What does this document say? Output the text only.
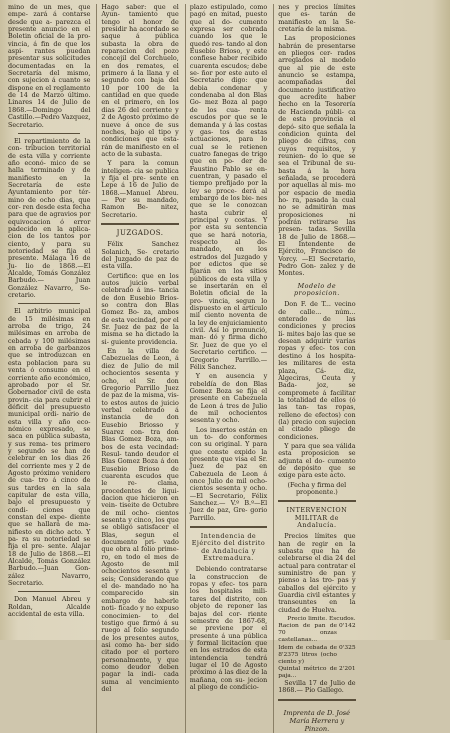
mino de un mes, que empe- zará á contarse desde que a- parezca el presente anuncio en el Boletin oficial de la pro- vincia, á fin de que los aspi- rantes puedan presentar sus solicitudes documentadas en la Secretaría del mismo, con sujecion á cuanto se dispone en el reglamento de 14 de Marzo último. Linares 14 de Julio de 1868.—Domingo del Castillo.—Pedro Vazquez, Secretario.

El repartimiento de la con- tribucion territorial de esta villa y corriente año econó- mico de se halla terminado y de manifiesto en la Secretaría de este Ayuntamiento por tér- mino de ocho dias, que cor- ren desde esta fecha para que de agravios por equivocacion ó error padecido en la aplica- cion de los tantos por ciento, y para su notoriedad se fija el presente. Málaga 16 de Ju- lio de 1868.—El Alcalde, Tomás González Barbudo.— Juan González Navarro, Se- cretario.

El arbitrio municipal de 15 milésimas en arroba de trigo, 24 milésimas en arroba de cebada y 100 milésimas en arroba de garbanzos que se introduzcan en esta poblacion para su venta ó consumo en el corriente año económico, aprobado por el Sr. Gobernador civil de esta provin- cia para cubrir el déficit del presupuesto municipal ordi- nario de esta villa y año eco- nómico expresado, se saca en pública subasta, y sus rema- tes primero y segundo se han de celebrar en los dias 26 del corriente mes y 2 de Agosto próximo venidero de cua- tro á cinco de sus tardes en la sala capitular de esta villa, bajo el presupuesto y condi- ciones que constan del expe- diente que se hallará de ma- nifiesto en dicho acto. Y pa- ra su notoriedad se fija el pre- sente. Alajar 18 de Julio de 1868.—El Alcalde, Tomás González Barbudo.—Juan Gon- zález Navarro, Secretario.

Don Manuel Abreu y Roldan, Alcalde accidental de esta villa.

Hago saber: que el Ayun- tamiento que tengo el honor de presidir ha acordado se saque á pública subasta la obra de reparacion del pozo concejil del Corchuelo, en dos remates, el primero á la llana y el segundo con baja del 10 por 100 de la cantidad en que quede en el primero, en los dias 26 del corriente y 2 de Agosto próximo de nueve á once de sus noches, bajo el tipo y condiciones que esta- rán de manifiesto en el acto de la subasta.

Y para la comun inteligen- cia se publica y fija el pre- sente en Lepe á 16 de Julio de 1868.—Manuel Abreu.— Por su mandado, Ramon Be- nitez, Secretario.

JUZGADOS.

Félix Sanchez Solanich, Se- cretario del Juzgado de paz de esta villa.

Certifico: que en los autos juicio verbal celebrado á ins- tancia de don Eusebio Brios- so contra don Blas Gomez Bo- za, ambos de esta vecindad, por el Sr. Juez de paz de la misma se ha dictado la si- guiente providencia.

En la villa de Cabezuelas de Leon, á diez de Julio de mil ochocientos sesenta y ocho, el Sr. don Gregorio Parrillo Juez de paz de la misma, vis- to estos autos de juicio verbal celebrado á instancia de don Eusebio Briosso y Suarez con- tra don Blas Gomez Boza, am- bos de esta vecindad: Resul- tando deudor el Blas Gomez Boza á don Eusebio Brioso de cuarenta escudos que le re- clama, procedentes de liqui- dacion que hicieron en vein- tiseite de Octubre de mil ocho- cientos sesenta y cinco, los que se obligó satisfacer el Blas, segun el documento pri- vado que obra al folio prime- ro, en todo el mes de Agosto de mil ochocientos sesenta y seis; Considerando que el de- mandado no ha comparecido sin embargo de haberle noti- ficado y no expuso conocimien- to del testigo que firmó á su ruego al folio segundo de los presentes autos, asi como ha- ber sido citado por el portero personalmente, y que como deudor deben pagar la indi- cada suma al vencimiento del

plazo estipulado, como pagó en mitad, puesto que al do- cumento expresa ser cobrada cuando los que le quedó res- tando al don Eusebio Brioso, y este confiese haber recibido cuarenta escudos; debe se- ñor por este auto el Secretario digo: que debia condenar y condenaba al don Blas Go- mez Boza al pago de los cua- renta escudos por que se le demanda y á las costas y gas- tos de estas actuaciones, para lo cual se le retienen cuatro fanegas de trigo que en po- der de Faustino Pablo se en- cuentran, y pasado el tiempo prefijado por la ley se proce- derá al embargo de los bie- nes que se le conozcan hasta cubrir el principal y costas. Y por esta su sentencia que se hará notoria, respecto al de- mandado, en los estrados del Juzgado y por edictos que se fijarán en los sitios públicos de esta villa y se insertarán en el Boletin oficial de la pro- vincia, segun lo dispuesto en el artículo mil ciento noventa de la ley de enjuiciamiento civil. Así lo pronunció, man- dó y firma dicho Sr. Juez de que yo el Secretario certifico. —Gregorio Parrillo.—Félix Sanchez.

Y en ausencia y rebeldía de don Blas Gomez Boza se fija el presente en Cabezuela de Leon á tres de Julio de mil ochocientos sesenta y ocho.

Los insertos están en un to- do conformes con su original. Y para que conste expido la presente que visa el Sr. Juez de paz en Cabezuela de Leon á once Julio de mil ocho- cientos sesenta y ocho.—El Secretario, Félix Sanchez.— V.º B.º—El Juez de paz, Gre- gorio Parrillo.

Intendencia de Ejército del distrito de Andalucía y Extremadura.

Debiendo contratarse la construccion de ropas y efec- tos para los hospitales mili- tares del distrito, con objeto de reponer las bajas del cor- riente semestre de 1867-68, se previene por el presente á una pública y formal licitacion que en los estrados de esta intendencia tendrá lugar el 10 de Agosto próximo á las diez de la mañana, con su- jecion al pliego de condicio-

nes y precios límites que es- tarán de manifiesto en la Se- cretaría de la misma.

Las proposiciones habrán de presentarse en pliegos cer- rados arreglados al modelo que al pie de este anuncio se estampa, acompañadas del documento justificativo que acredite haber hecho en la Tesorería de Hacienda públi- ca de esta provincia el depó- sito que señala la condicion quinta del pliego de cifras, con cuyos requisitos, y reunien- do lo que se sea el Tribunal de su- basta á la hora señalada, se procederá por aquellas al mis- mo por espacio de media ho- ra, pasada la cual no se admitirán mas proposiciones ni podrán retirarse las presen- tadas. Sevilla 18 de Julio de 1868.—El Intendente de Ejército, Francisco de Vorcy. —El Secretario, Pedro Gon- zalez y de Montes.

Modelo de proposicion.

Don F. de T... vecino de calle... núm... enterado de las condiciones y precios lí- mites bajo las que se desean adquirir varias ropas y efec- tos con destino á los hospita- les militares de esta plaza, Cá- diz, Algeciras, Ceuta y Bada- joz, se compromete á facilitar la totalidad de ellos (ó las tan- tas ropas, relleno de efectos) con (la) precio con sujecion al citado pliego de condiciones.

Y para que sea válida esta proposicion se adjunta el do- cumento de depósito que se exige para este acto.

(Fecha y firma del proponente.)

INTERVENCION MILITAR de Andalucía.

Precios límites que han de regir en la subasta que ha de celebrarse el dia 24 del actual para contratar el suministro de pan y pienso a las tro- pas y caballos del ejército y Guardia civil estantes y transeuntes en la ciudad de Huelva.

Precio limite. Escudos.
Racion de pan de 70 onzas castellanas...
0'142
Idem de cebada de 8'2375 litros (ocho ciento y)
0'325
Quintal métrico de paja...
2'201

Sevilla 17 de Julio de 1868.— Pío Gallego.

Imprenta de D. José María Herrera y Pinzon.
